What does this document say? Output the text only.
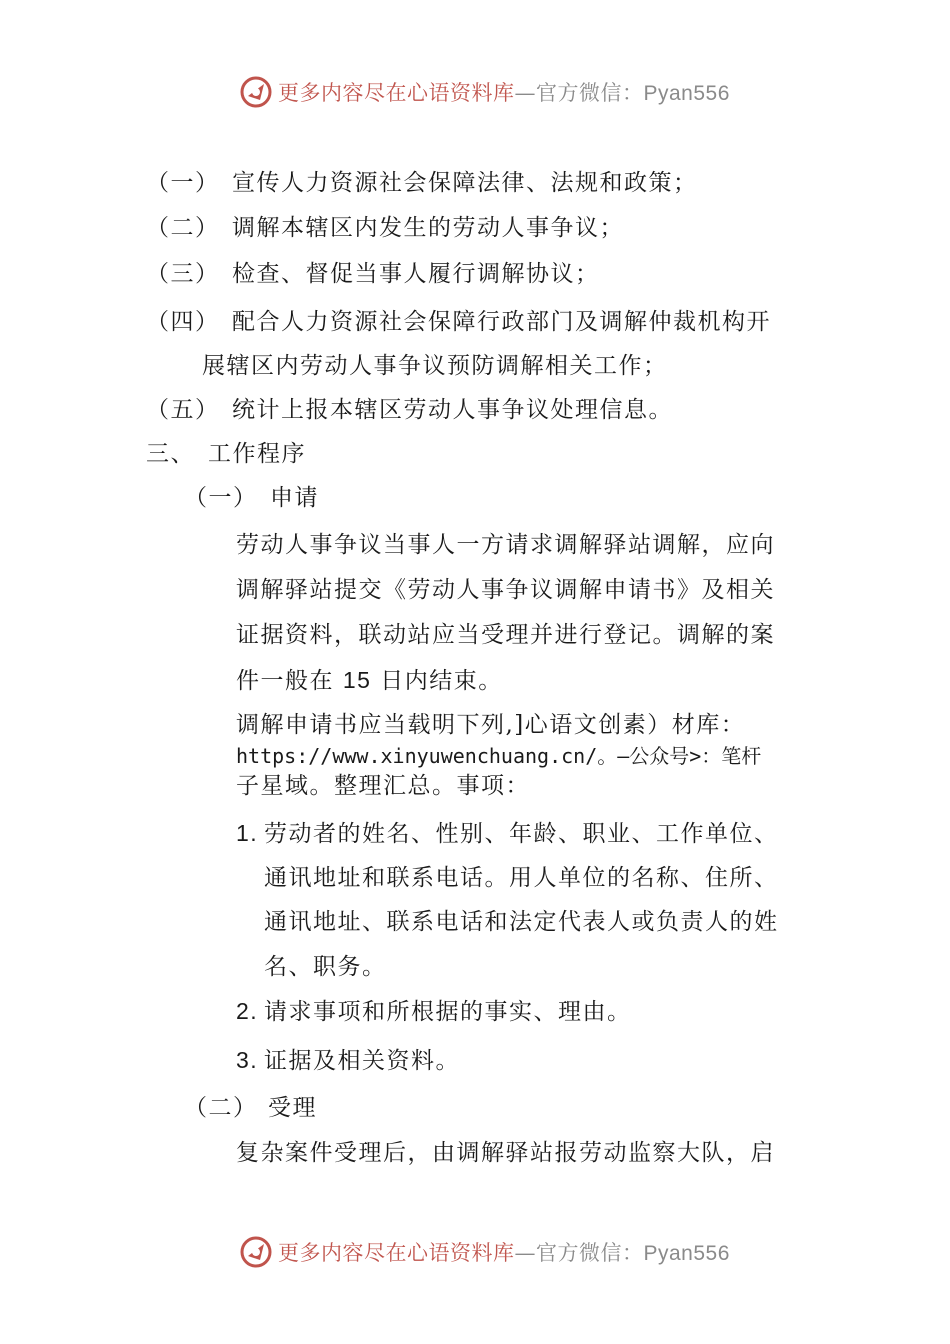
更多内容尽在心语资料库—官方微信：Pyan556
（一） 宣传人力资源社会保障法律、法规和政策；
（二） 调解本辖区内发生的劳动人事争议；
（三） 检查、督促当事人履行调解协议；
（四） 配合人力资源社会保障行政部门及调解仲裁机构开
展辖区内劳动人事争议预防调解相关工作；
（五） 统计上报本辖区劳动人事争议处理信息。
三、 工作程序
（一） 申请
劳动人事争议当事人一方请求调解驿站调解，应向
调解驿站提交《劳动人事争议调解申请书》及相关
证据资料，联动站应当受理并进行登记。调解的案
件一般在 15 日内结束。
调解申请书应当载明下列,]心语文创素）材库：
https://www.xinyuwenchuang.cn/。—公众号>：笔杆
子星域。整理汇总。事项：
1. 劳动者的姓名、性别、年龄、职业、工作单位、
通讯地址和联系电话。用人单位的名称、住所、
通讯地址、联系电话和法定代表人或负责人的姓
名、职务。
2. 请求事项和所根据的事实、理由。
3. 证据及相关资料。
（二） 受理
复杂案件受理后，由调解驿站报劳动监察大队，启
更多内容尽在心语资料库—官方微信：Pyan556
